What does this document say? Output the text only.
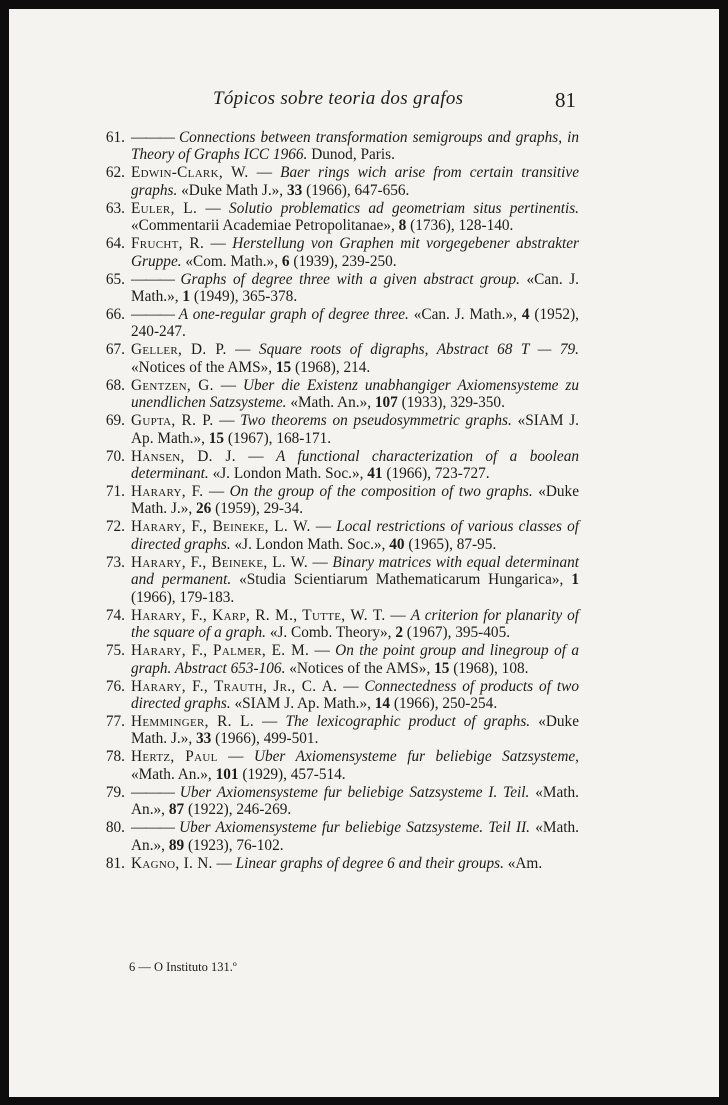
Tópicos sobre teoria dos grafos	81
61. ——— Connections between transformation semigroups and graphs, in Theory of Graphs ICC 1966. Dunod, Paris.
62. Edwin-Clark, W. — Baer rings wich arise from certain transitive graphs. «Duke Math J.», 33 (1966), 647-656.
63. Euler, L. — Solutio problematics ad geometriam situs pertinentis. «Commentarii Academiae Petropolitanae», 8 (1736), 128-140.
64. Frucht, R. — Herstellung von Graphen mit vorgegebener abstrakter Gruppe. «Com. Math.», 6 (1939), 239-250.
65. ——— Graphs of degree three with a given abstract group. «Can. J. Math.», 1 (1949), 365-378.
66. ——— A one-regular graph of degree three. «Can. J. Math.», 4 (1952), 240-247.
67. Geller, D. P. — Square roots of digraphs, Abstract 68 T — 79. «Notices of the AMS», 15 (1968), 214.
68. Gentzen, G. — Uber die Existenz unabhangiger Axiomensysteme zu unendlichen Satzsysteme. «Math. An.», 107 (1933), 329-350.
69. Gupta, R. P. — Two theorems on pseudosymmetric graphs. «SIAM J. Ap. Math.», 15 (1967), 168-171.
70. Hansen, D. J. — A functional characterization of a boolean determinant. «J. London Math. Soc.», 41 (1966), 723-727.
71. Harary, F. — On the group of the composition of two graphs. «Duke Math. J.», 26 (1959), 29-34.
72. Harary, F., Beineke, L. W. — Local restrictions of various classes of directed graphs. «J. London Math. Soc.», 40 (1965), 87-95.
73. Harary, F., Beineke, L. W. — Binary matrices with equal determinant and permanent. «Studia Scientiarum Mathematicarum Hungarica», 1 (1966), 179-183.
74. Harary, F., Karp, R. M., Tutte, W. T. — A criterion for planarity of the square of a graph. «J. Comb. Theory», 2 (1967), 395-405.
75. Harary, F., Palmer, E. M. — On the point group and linegroup of a graph. Abstract 653-106. «Notices of the AMS», 15 (1968), 108.
76. Harary, F., Trauth, Jr., C. A. — Connectedness of products of two directed graphs. «SIAM J. Ap. Math.», 14 (1966), 250-254.
77. Hemminger, R. L. — The lexicographic product of graphs. «Duke Math. J.», 33 (1966), 499-501.
78. Hertz, Paul — Uber Axiomensysteme fur beliebige Satzsysteme, «Math. An.», 101 (1929), 457-514.
79. ——— Uber Axiomensysteme fur beliebige Satzsysteme I. Teil. «Math. An.», 87 (1922), 246-269.
80. ——— Uber Axiomensysteme fur beliebige Satzsysteme. Teil II. «Math. An.», 89 (1923), 76-102.
81. Kagno, I. N. — Linear graphs of degree 6 and their groups. «Am.
6 — O Instituto 131.º
